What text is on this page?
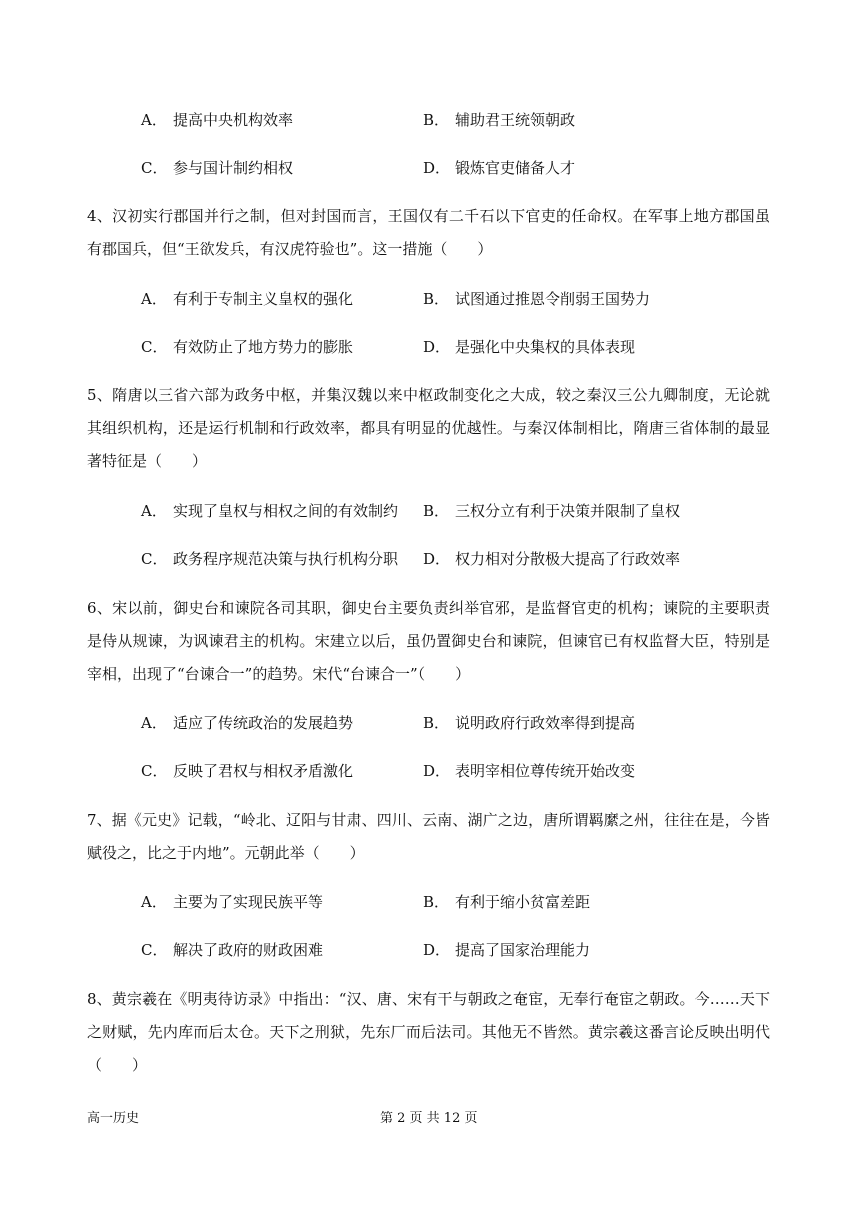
A． 提高中央机构效率	B． 辅助君王统领朝政
C． 参与国计制约相权	D． 锻炼官吏储备人才
4、汉初实行郡国并行之制，但对封国而言，王国仅有二千石以下官吏的任命权。在军事上地方郡国虽有郡国兵，但“王欲发兵，有汉虎符验也”。这一措施（　　）
A． 有利于专制主义皇权的强化	B． 试图通过推恩令削弱王国势力
C． 有效防止了地方势力的膨胀	D． 是强化中央集权的具体表现
5、隋唐以三省六部为政务中枢，并集汉魏以来中枢政制变化之大成，较之秦汉三公九卿制度，无论就其组织机构，还是运行机制和行政效率，都具有明显的优越性。与秦汉体制相比，隋唐三省体制的最显著特征是（　　）
A． 实现了皇权与相权之间的有效制约 B． 三权分立有利于决策并限制了皇权
C． 政务程序规范决策与执行机构分职 D． 权力相对分散极大提高了行政效率
6、宋以前，御史台和谏院各司其职，御史台主要负责纠举官邪，是监督官吏的机构；谏院的主要职责是侍从规谏，为讽谏君主的机构。宋建立以后，虽仍置御史台和谏院，但谏官已有权监督大臣，特别是宰相，出现了“台谏合一”的趋势。宋代“台谏合一”（　　）
A． 适应了传统政治的发展趋势	B． 说明政府行政效率得到提高
C． 反映了君权与相权矛盾激化	D． 表明宰相位尊传统开始改变
7、据《元史》记载，“岭北、辽阳与甘肃、四川、云南、湖广之边，唐所谓羁縻之州，往往在是，今皆赋役之，比之于内地”。元朝此举（　　）
A． 主要为了实现民族平等	B． 有利于缩小贫富差距
C． 解决了政府的财政困难	D． 提高了国家治理能力
8、黄宗羲在《明夷待访录》中指出：“汉、唐、宋有干与朝政之奄宦，无奉行奄宦之朝政。今……天下之财赋，先内库而后太仓。天下之刑狱，先东厂而后法司。其他无不皆然。黄宗羲这番言论反映出明代（　　）
高一历史	第 2 页 共 12 页
